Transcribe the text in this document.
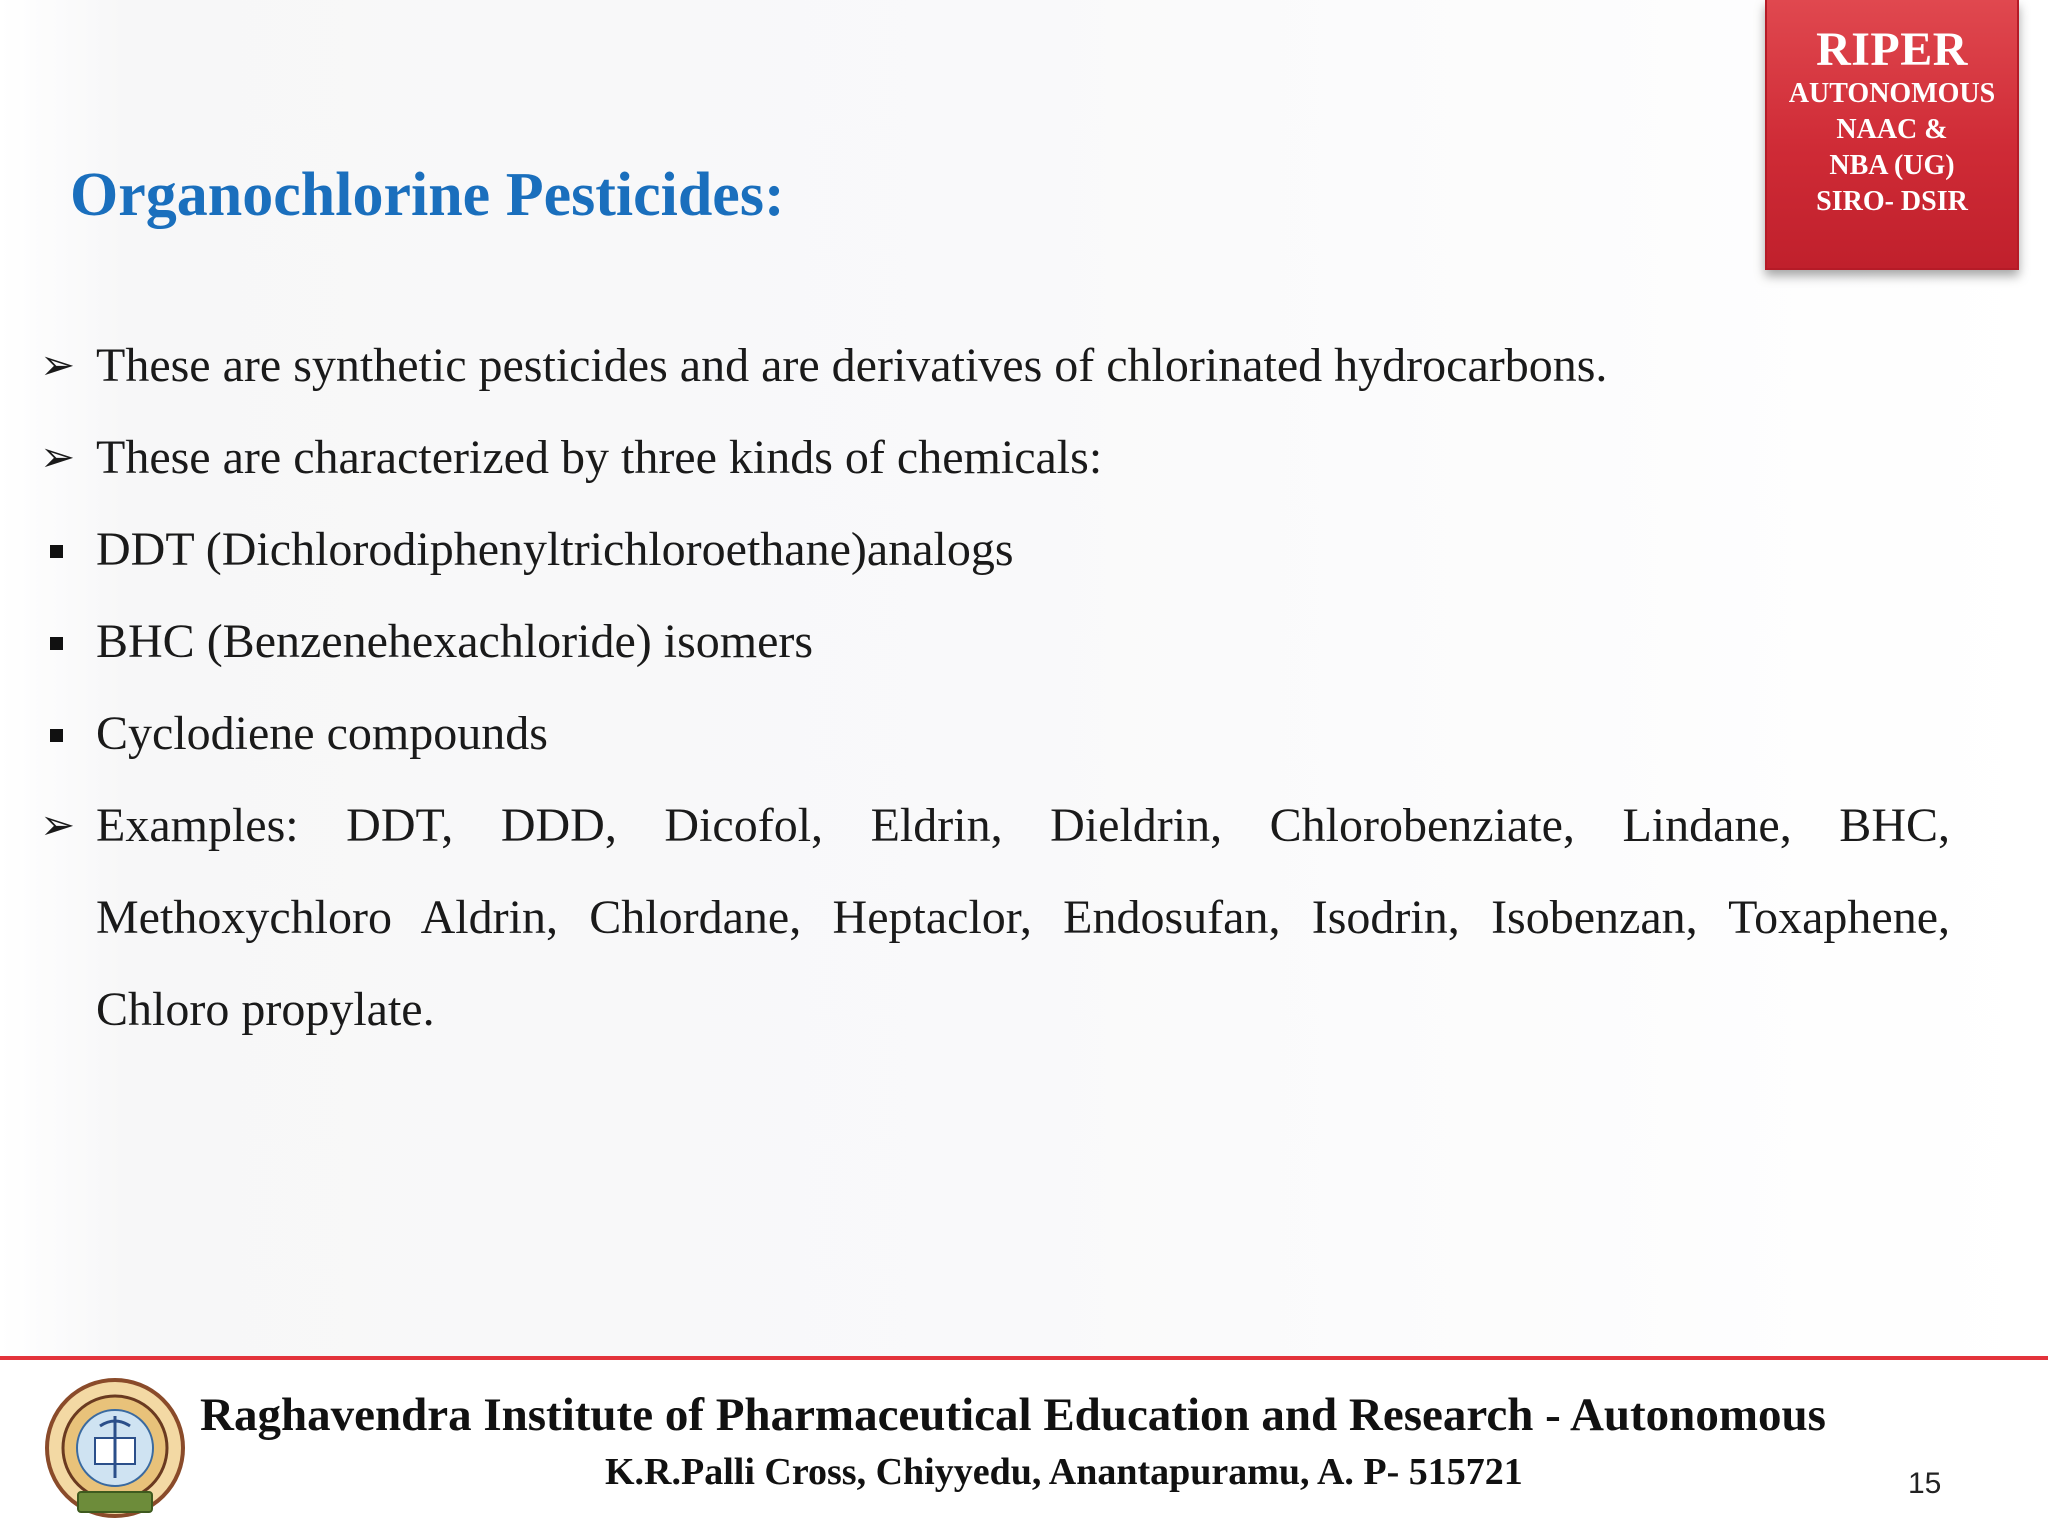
RIPER
AUTONOMOUS
NAAC &
NBA (UG)
SIRO- DSIR
Organochlorine Pesticides:
➢ These are synthetic pesticides and are derivatives of chlorinated hydrocarbons.
➢ These are characterized by three kinds of chemicals:
DDT (Dichlorodiphenyltrichloroethane)analogs
BHC (Benzenehexachloride) isomers
Cyclodiene compounds
➢ Examples: DDT, DDD, Dicofol, Eldrin, Dieldrin, Chlorobenziate, Lindane, BHC, Methoxychloro Aldrin, Chlordane, Heptaclor, Endosufan, Isodrin, Isobenzan, Toxaphene, Chloro propylate.
Raghavendra Institute of Pharmaceutical Education and Research - Autonomous
K.R.Palli Cross, Chiyyedu, Anantapuramu, A. P- 515721	15
